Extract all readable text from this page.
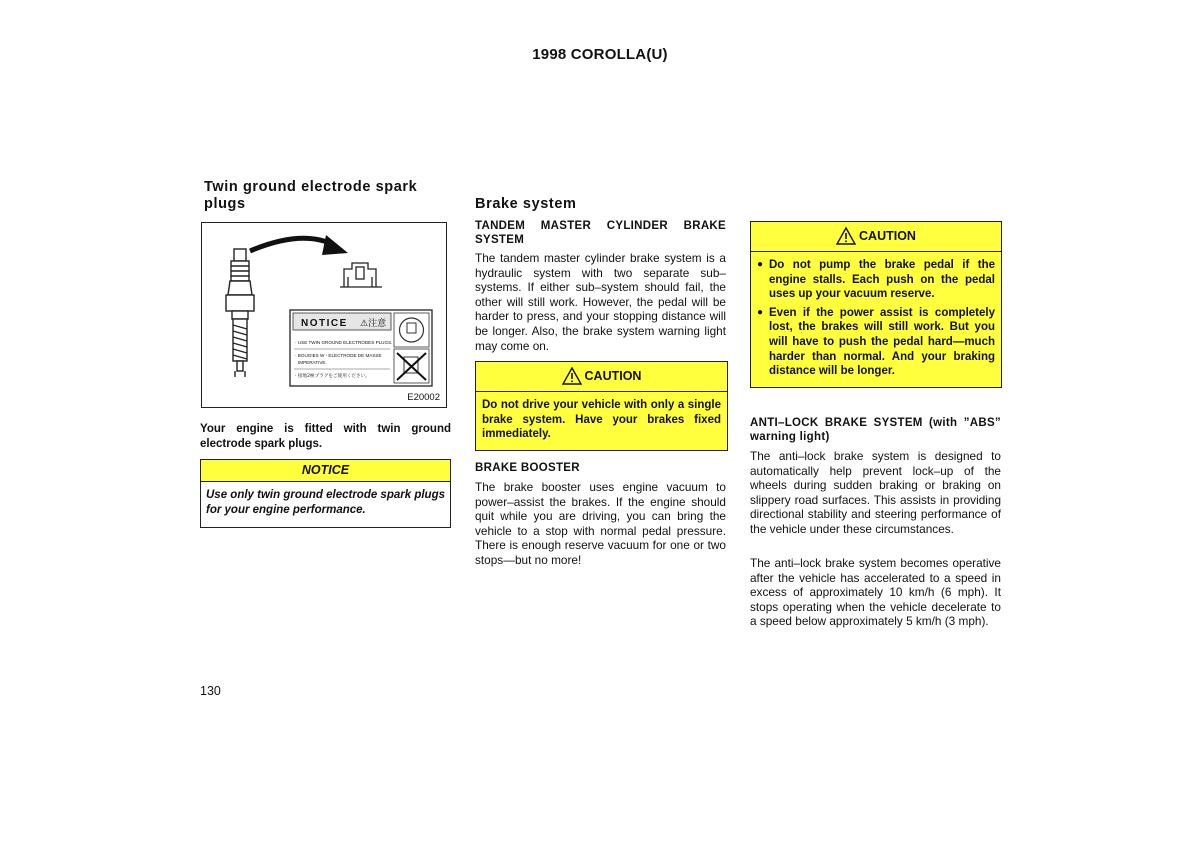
1998 COROLLA(U)
Twin ground electrode spark plugs
NOTICE ⚠注意
· USE TWIN GROUND ELECTRODES PLUGS.
· BOUGIES W - ELECTRODE DE MASSE
IMPERATIVE.
· 接地2極プラグをご使用ください。
E20002

Your engine is fitted with twin ground electrode spark plugs.

NOTICE
Use only twin ground electrode spark plugs for your engine performance.
Brake system
TANDEM MASTER CYLINDER BRAKE SYSTEM

The tandem master cylinder brake system is a hydraulic system with two separate sub–systems. If either sub–system should fail, the other will still work. However, the pedal will be harder to press, and your stopping distance will be longer. Also, the brake system warning light may come on.

CAUTION
Do not drive your vehicle with only a single brake system. Have your brakes fixed immediately.
BRAKE BOOSTER

The brake booster uses engine vacuum to power–assist the brakes. If the engine should quit while you are driving, you can bring the vehicle to a stop with normal pedal pressure. There is enough reserve vacuum for one or two stops—but no more!

CAUTION
● Do not pump the brake pedal if the engine stalls. Each push on the pedal uses up your vacuum reserve.
● Even if the power assist is completely lost, the brakes will still work. But you will have to push the pedal hard—much harder than normal. And your braking distance will be longer.
ANTI–LOCK BRAKE SYSTEM (with ”ABS” warning light)

The anti–lock brake system is designed to automatically help prevent lock–up of the wheels during sudden braking or braking on slippery road surfaces. This assists in providing directional stability and steering performance of the vehicle under these circumstances.

The anti–lock brake system becomes operative after the vehicle has accelerated to a speed in excess of approximately 10 km/h (6 mph). It stops operating when the vehicle decelerate to a speed below approximately 5 km/h (3 mph).

130
